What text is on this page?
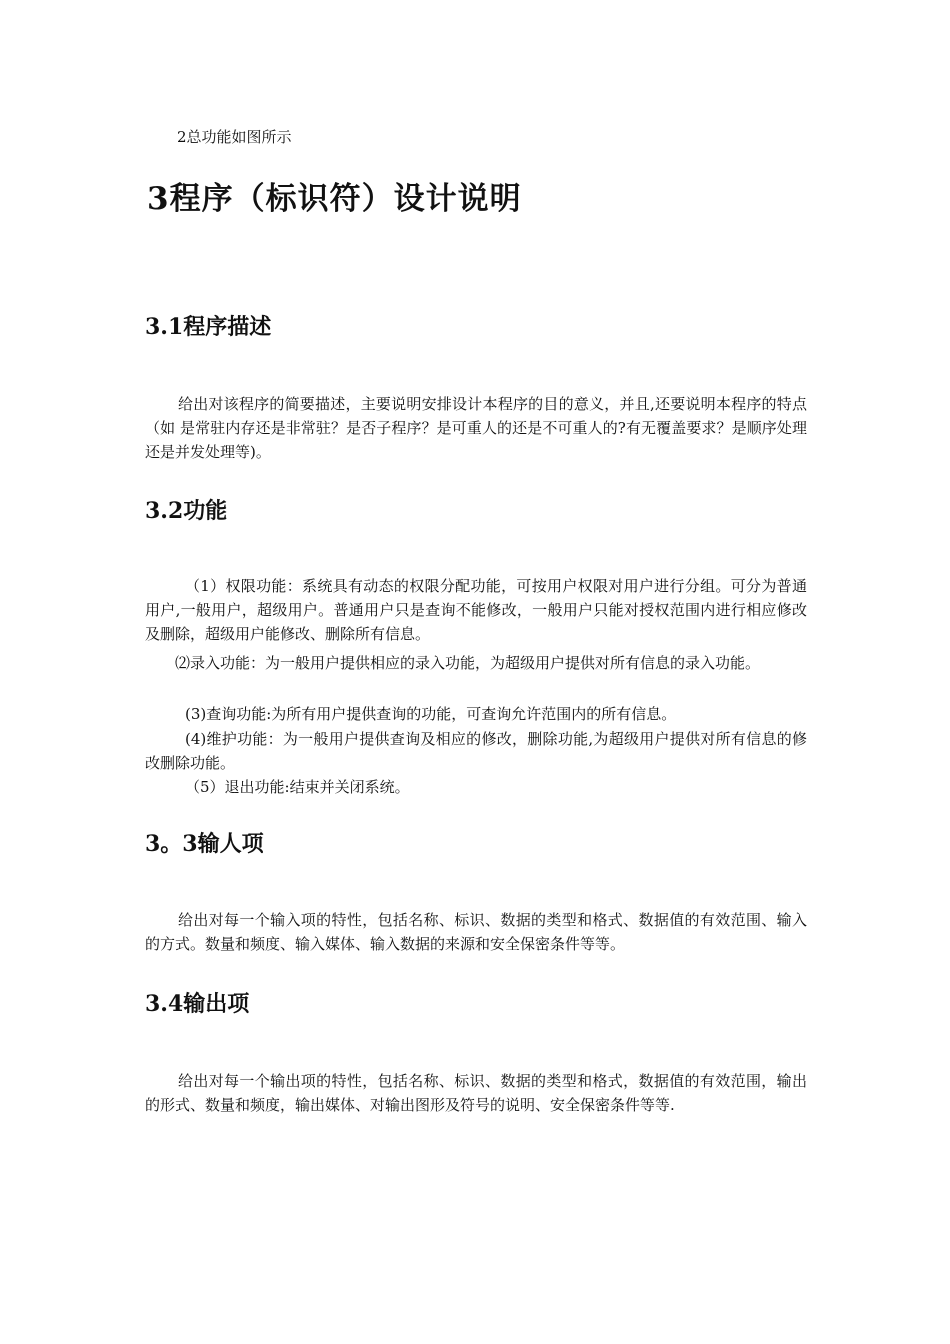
2总功能如图所示
3程序（标识符）设计说明
3.1程序描述
给出对该程序的简要描述，主要说明安排设计本程序的目的意义，并且,还要说明本程序的特点（如 是常驻内存还是非常驻？是否子程序？是可重人的还是不可重人的?有无覆盖要求？是顺序处理还是并发处理等)。
3.2功能
（1）权限功能：系统具有动态的权限分配功能，可按用户权限对用户进行分组。可分为普通用户,一般用户，超级用户。普通用户只是查询不能修改，一般用户只能对授权范围内进行相应修改及删除，超级用户能修改、删除所有信息。
⑵录入功能：为一般用户提供相应的录入功能，为超级用户提供对所有信息的录入功能。
(3)查询功能:为所有用户提供查询的功能，可查询允许范围内的所有信息。
(4)维护功能：为一般用户提供查询及相应的修改，删除功能,为超级用户提供对所有信息的修改删除功能。
（5）退出功能:结束并关闭系统。
3。3输人项
给出对每一个输入项的特性，包括名称、标识、数据的类型和格式、数据值的有效范围、输入的方式。数量和频度、输入媒体、输入数据的来源和安全保密条件等等。
3.4输出项
给出对每一个输出项的特性，包括名称、标识、数据的类型和格式，数据值的有效范围，输出的形式、数量和频度，输出媒体、对输出图形及符号的说明、安全保密条件等等.
